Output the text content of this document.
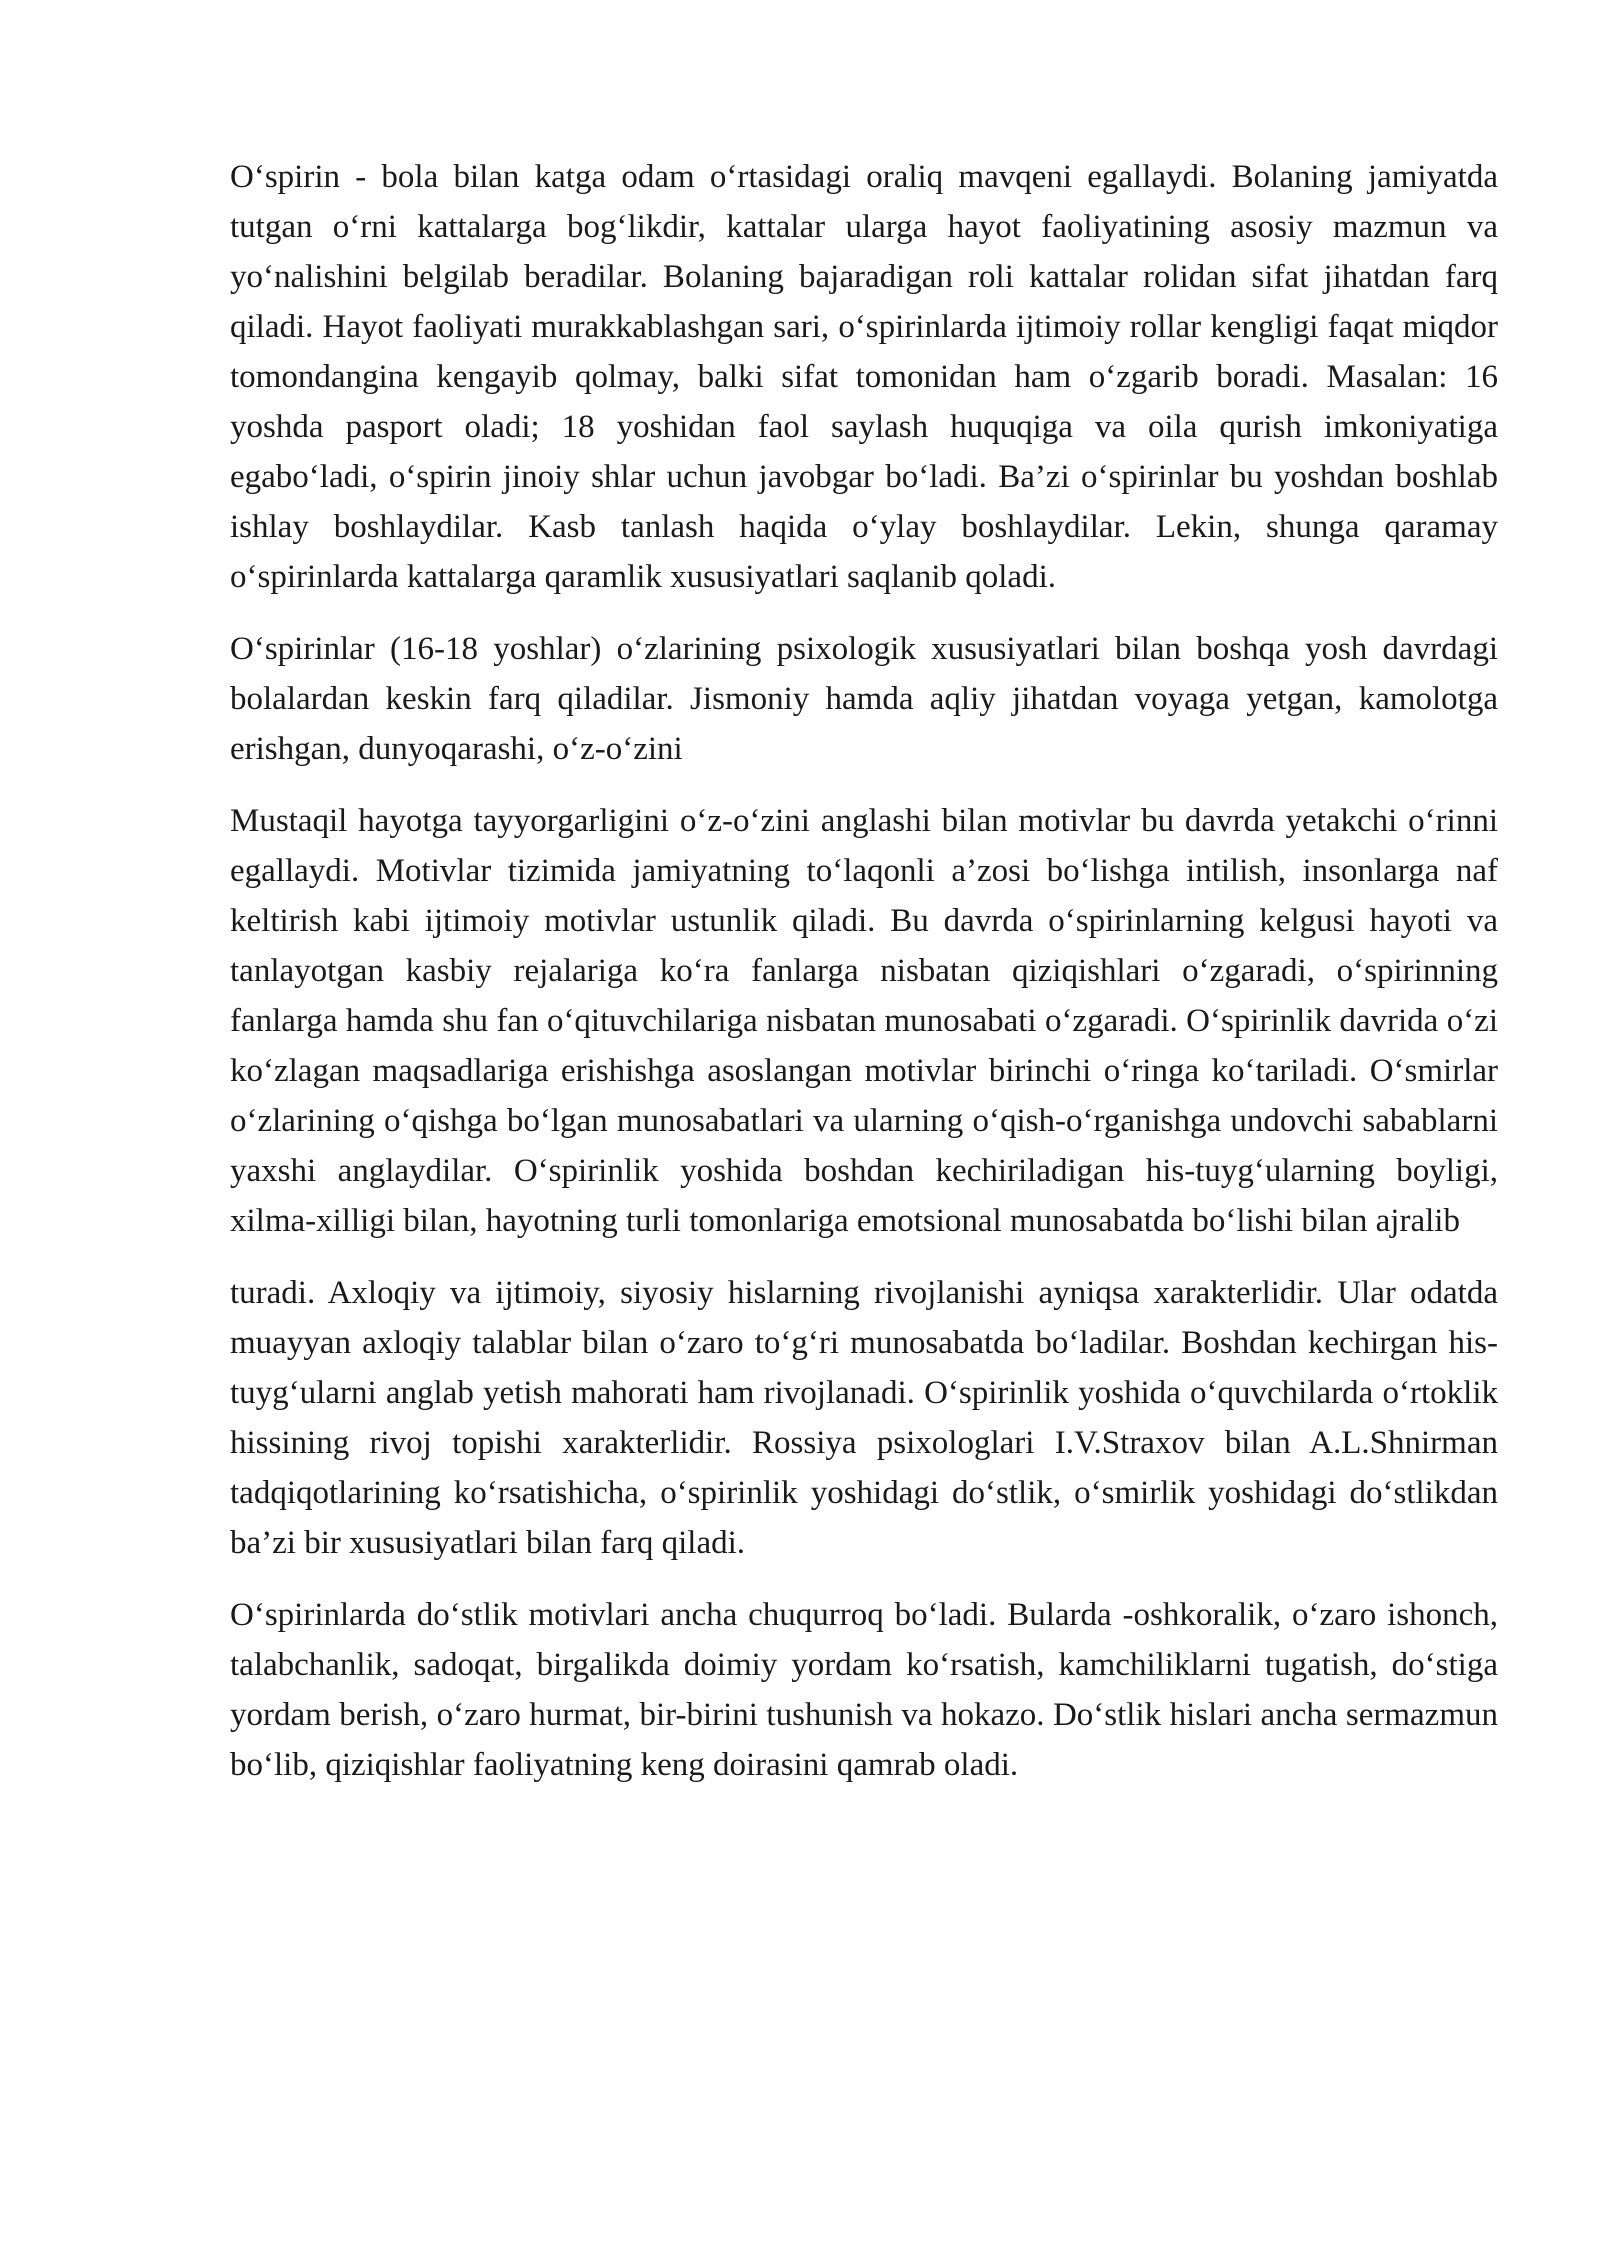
O‘spirin - bola bilan katga odam o‘rtasidagi oraliq mavqeni egallaydi. Bolaning jamiyatda tutgan o‘rni kattalarga bog‘likdir, kattalar ularga hayot faoliyatining asosiy mazmun va yo‘nalishini belgilab beradilar. Bolaning bajaradigan roli kattalar rolidan sifat jihatdan farq qiladi. Hayot faoliyati murakkablashgan sari, o‘spirinlarda ijtimoiy rollar kengligi faqat miqdor tomondangina kengayib qolmay, balki sifat tomonidan ham o‘zgarib boradi. Masalan: 16 yoshda pasport oladi; 18 yoshidan faol saylash huquqiga va oila qurish imkoniyatiga egabo‘ladi, o‘spirin jinoiy shlar uchun javobgar bo‘ladi. Ba’zi o‘spirinlar bu yoshdan boshlab ishlay boshlaydilar. Kasb tanlash haqida o‘ylay boshlaydilar. Lekin, shunga qaramay o‘spirinlarda kattalarga qaramlik xususiyatlari saqlanib qoladi.

O‘spirinlar (16-18 yoshlar) o‘zlarining psixologik xususiyatlari bilan boshqa yosh davrdagi bolalardan keskin farq qiladilar. Jismoniy hamda aqliy jihatdan voyaga yetgan, kamolotga erishgan, dunyoqarashi, o‘z-o‘zini

Mustaqil hayotga tayyorgarligini o‘z-o‘zini anglashi bilan motivlar bu davrda yetakchi o‘rinni egallaydi. Motivlar tizimida jamiyatning to‘laqonli a’zosi bo‘lishga intilish, insonlarga naf keltirish kabi ijtimoiy motivlar ustunlik qiladi. Bu davrda o‘spirinlarning kelgusi hayoti va tanlayotgan kasbiy rejalariga ko‘ra fanlarga nisbatan qiziqishlari o‘zgaradi, o‘spirinning fanlarga hamda shu fan o‘qituvchilariga nisbatan munosabati o‘zgaradi. O‘spirinlik davrida o‘zi ko‘zlagan maqsadlariga erishishga asoslangan motivlar birinchi o‘ringa ko‘tariladi. O‘smirlar o‘zlarining o‘qishga bo‘lgan munosabatlari va ularning o‘qish-o‘rganishga undovchi sabablarni yaxshi anglaydilar. O‘spirinlik yoshida boshdan kechiriladigan his-tuyg‘ularning boyligi, xilma-xilligi bilan, hayotning turli tomonlariga emotsional munosabatda bo‘lishi bilan ajralib

turadi. Axloqiy va ijtimoiy, siyosiy hislarning rivojlanishi ayniqsa xarakterlidir. Ular odatda muayyan axloqiy talablar bilan o‘zaro to‘g‘ri munosabatda bo‘ladilar. Boshdan kechirgan his-tuyg‘ularni anglab yetish mahorati ham rivojlanadi. O‘spirinlik yoshida o‘quvchilarda o‘rtoklik hissining rivoj topishi xarakterlidir. Rossiya psixologlari I.V.Straxov bilan A.L.Shnirman tadqiqotlarining ko‘rsatishicha, o‘spirinlik yoshidagi do‘stlik, o‘smirlik yoshidagi do‘stlikdan ba’zi bir xususiyatlari bilan farq qiladi.

O‘spirinlarda do‘stlik motivlari ancha chuqurroq bo‘ladi. Bularda -oshkoralik, o‘zaro ishonch, talabchanlik, sadoqat, birgalikda doimiy yordam ko‘rsatish, kamchiliklarni tugatish, do‘stiga yordam berish, o‘zaro hurmat, bir-birini tushunish va hokazo. Do‘stlik hislari ancha sermazmun bo‘lib, qiziqishlar faoliyatning keng doirasini qamrab oladi.
